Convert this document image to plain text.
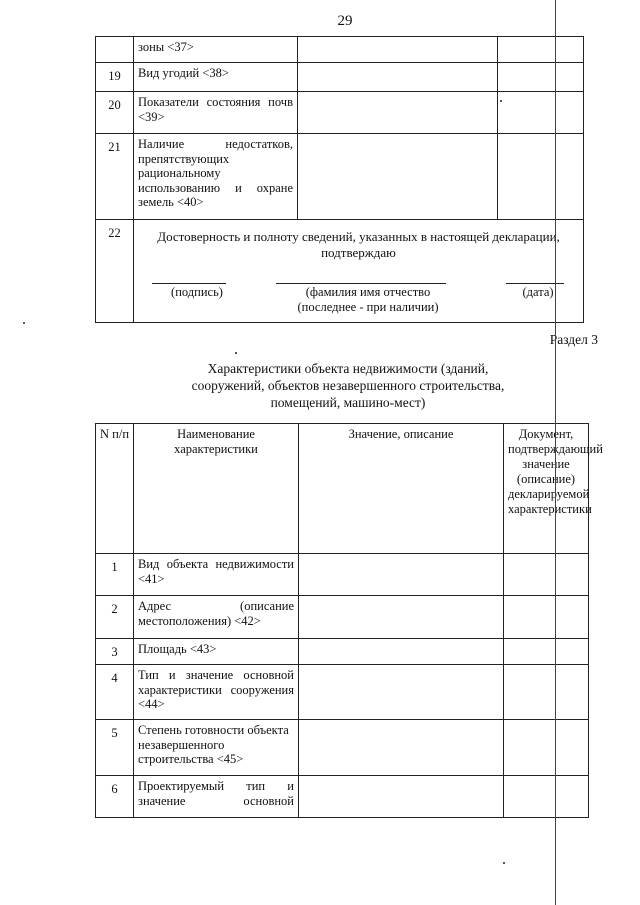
29
	зоны <37>		
19	Вид угодий <38>		
20	Показатели состояния почв <39>		
21	Наличие недостатков, препятствующих рациональному использованию и охране земель <40>		
22	Достоверность и полноту сведений, указанных в настоящей декларации, подтверждаю
(подпись) (фамилия имя отчество (последнее - при наличии)
(дата)		
Раздел 3
Характеристики объекта недвижимости (зданий, сооружений, объектов незавершенного строительства, помещений, машино-мест)
N п/п	Наименование характеристики	Значение, описание	Документ, подтверждающий значение (описание) декларируемой характеристики
1	Вид объекта недвижимости <41>		
2	Адрес (описание местоположения) <42>		
3	Площадь <43>		
4	Тип и значение основной характеристики сооружения <44>		
5	Степень готовности объекта незавершенного строительства <45>		
6	Проектируемый тип и значение основной		
